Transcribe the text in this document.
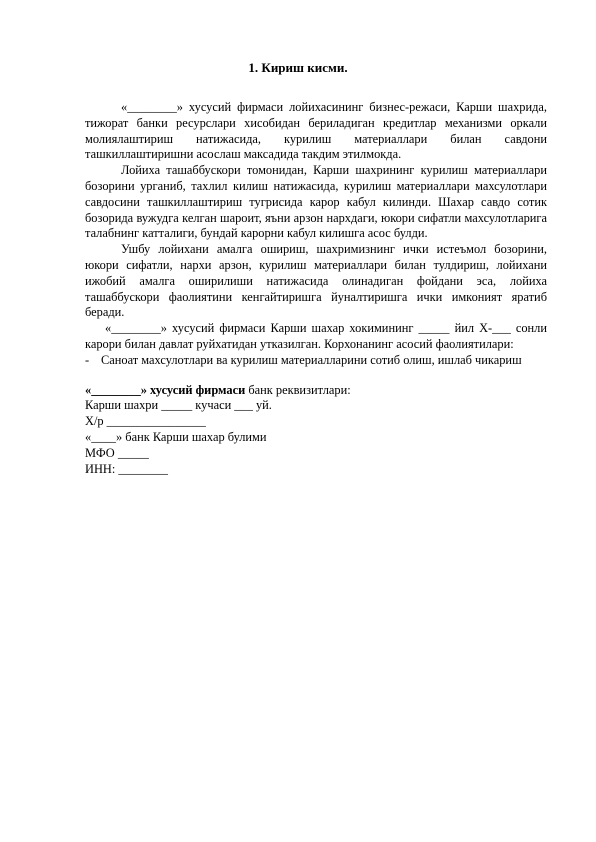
1. Кириш кисми.

«________» хусусий фирмаси лойихасининг бизнес-режаси, Карши шахрида, тижорат банки ресурслари хисобидан бериладиган кредитлар механизми оркали молиялаштириш натижасида, курилиш материаллари билан савдони ташкиллаштиришни асослаш максадида такдим этилмокда.

Лойиха ташаббускори томонидан, Карши шахрининг курилиш материаллари бозорини урганиб, тахлил килиш натижасида, курилиш материаллари махсулотлари савдосини ташкиллаштириш тугрисида карор кабул килинди. Шахар савдо сотик бозорида вужудга келган шароит, яъни арзон нархдаги, юкори сифатли махсулотларига талабнинг катталиги, бундай карорни кабул килишга асос булди.

Ушбу лойихани амалга ошириш, шахримизнинг ички истеъмол бозорини, юкори сифатли, нархи арзон, курилиш материаллари билан тулдириш, лойихани ижобий амалга оширилиши натижасида олинадиган фойдани эса, лойиха ташаббускори фаолиятини кенгайтиришга йуналтиришга ички имконият яратиб беради.

«________» хусусий фирмаси Карши шахар хокимининг _____ йил Х-___ сонли карори билан давлат руйхатидан утказилган. Корхонанинг асосий фаолиятилари:

- Саноат махсулотлари ва курилиш материалларини сотиб олиш, ишлаб чикариш
«________» хусусий фирмаси банк реквизитлари:
Карши шахри _____ кучаси ___ уй.
Х/р ________________
«____» банк Карши шахар булими
МФО _____
ИНН: ________
